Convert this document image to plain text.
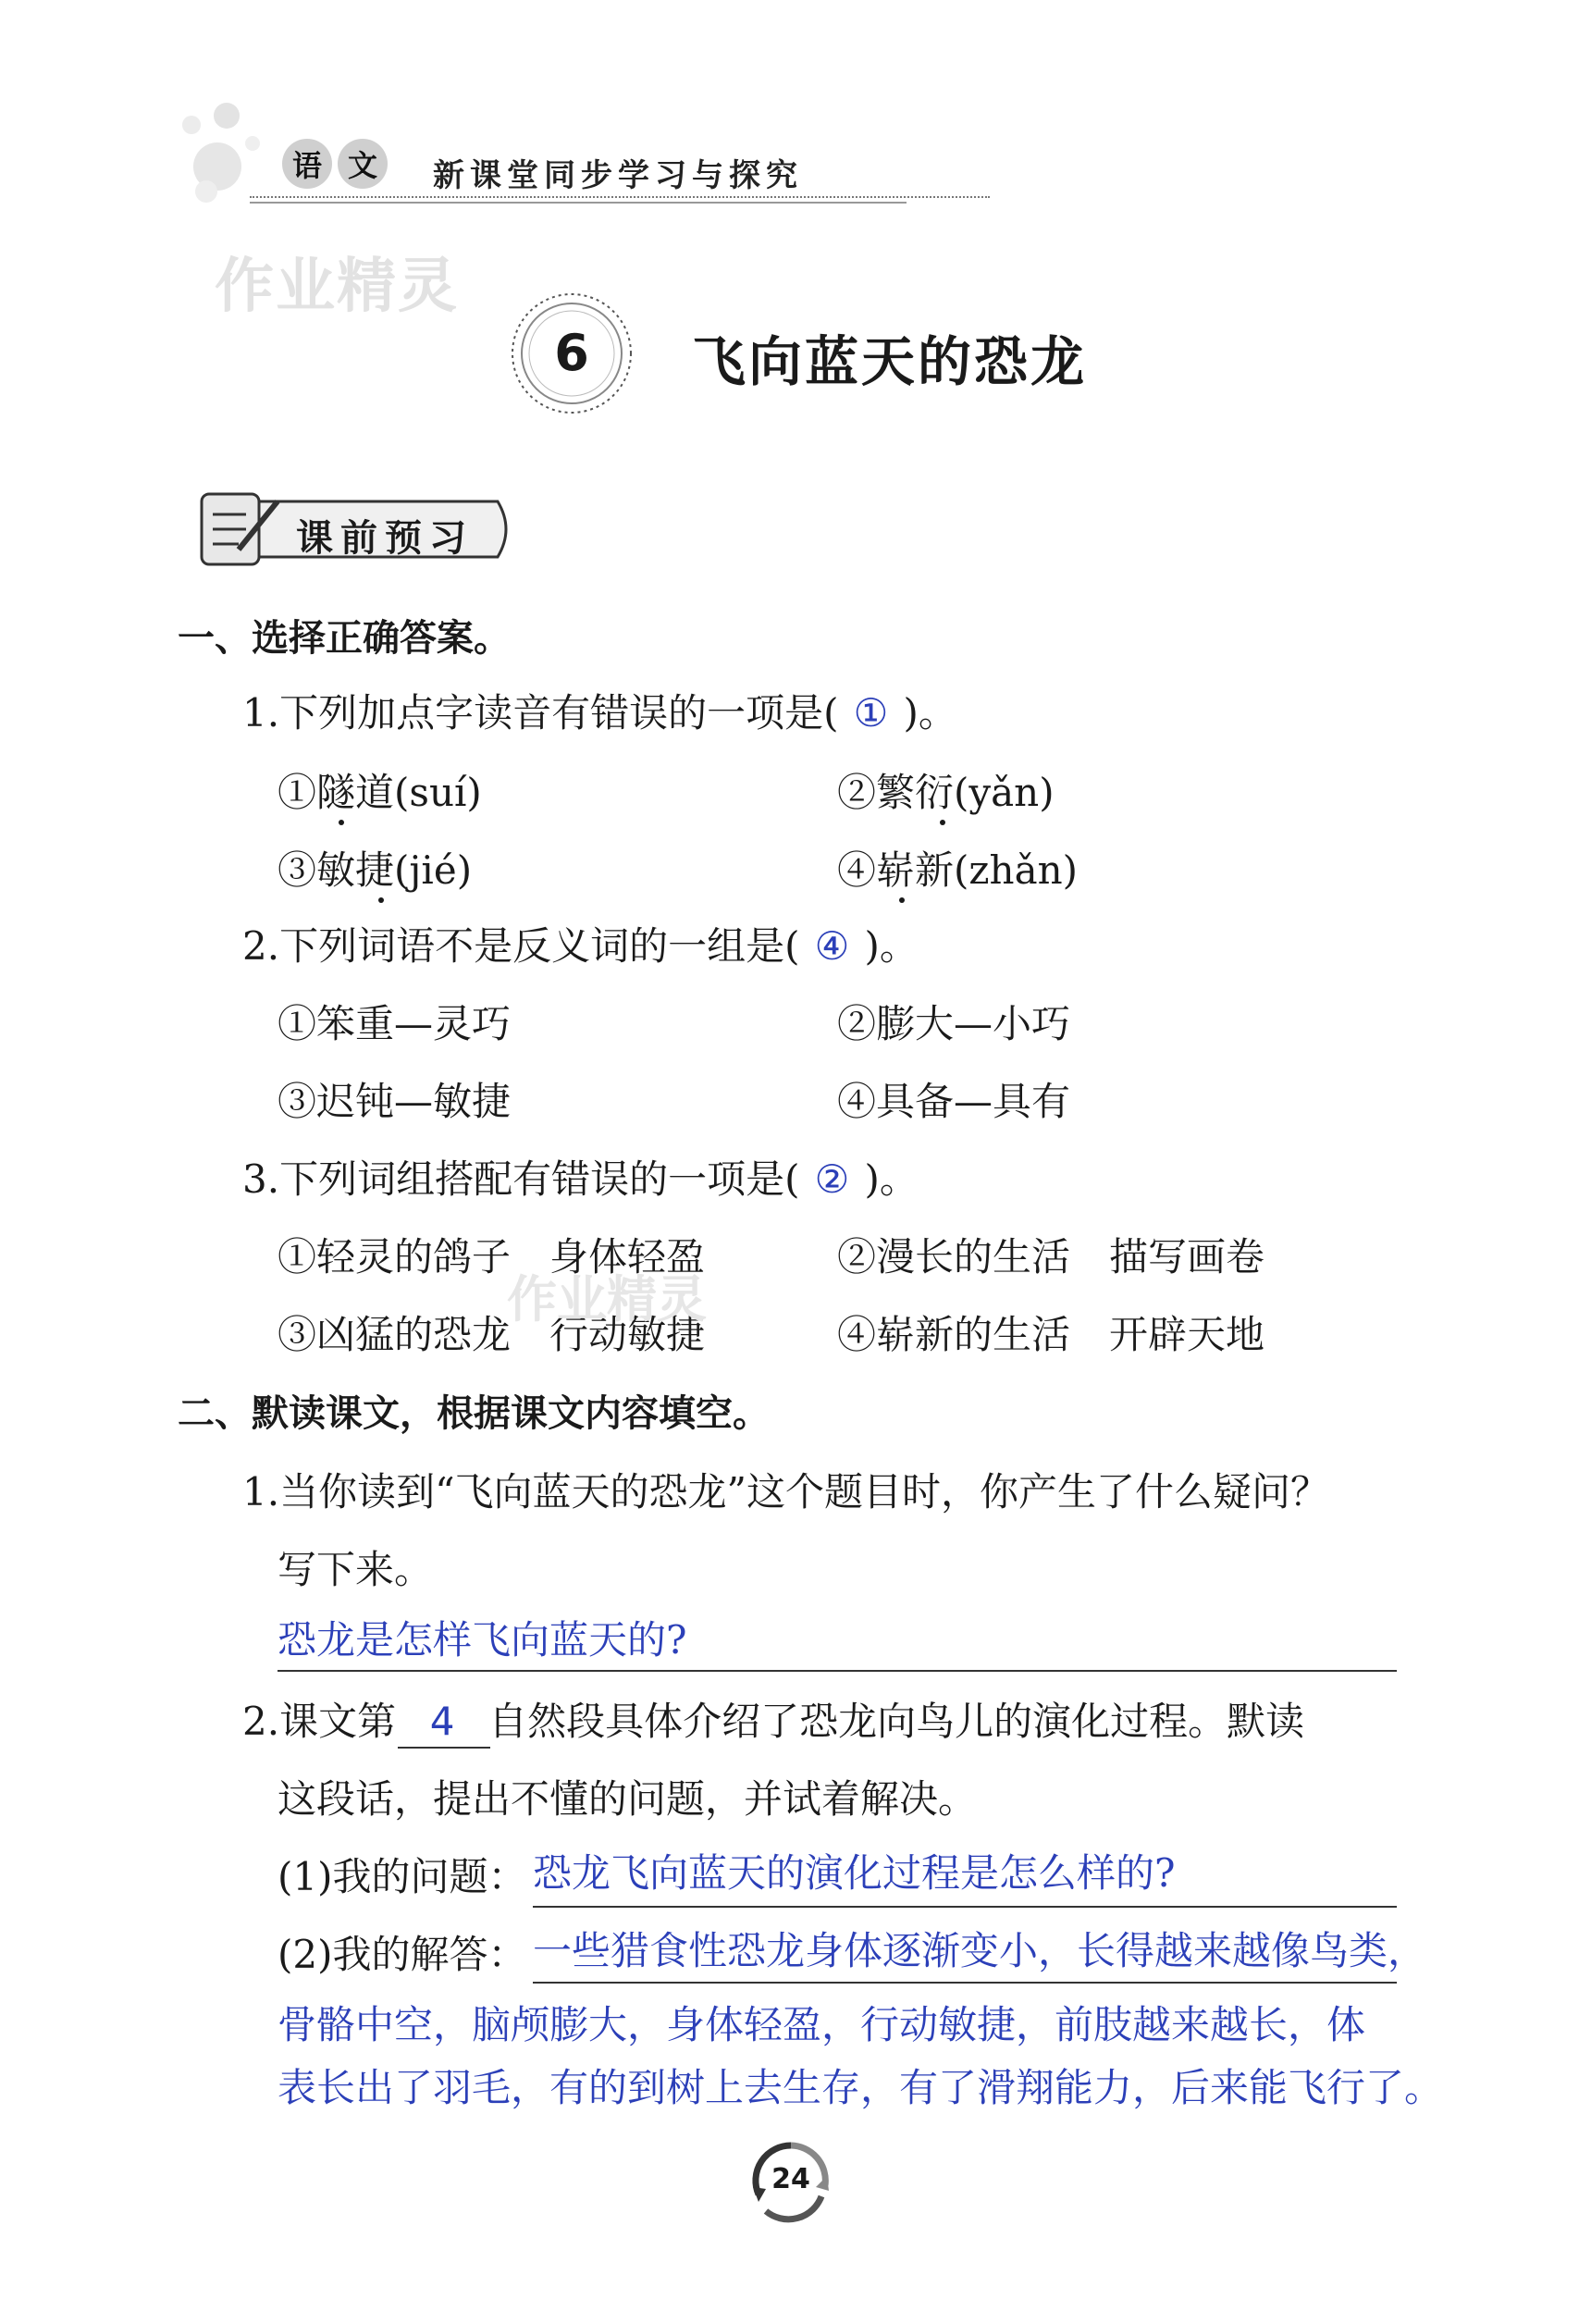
语 文 新课堂同步学习与探究
作业精灵
6	飞向蓝天的恐龙
课前预习
一、选择正确答案。
1.下列加点字读音有错误的一项是( ① )。
①隧道(suí)	②繁衍(yǎn)
③敏捷(jié)	④崭新(zhǎn)
2.下列词语不是反义词的一组是( ④ )。
①笨重—灵巧	②膨大—小巧
③迟钝—敏捷	④具备—具有
3.下列词组搭配有错误的一项是( ② )。
①轻灵的鸽子　身体轻盈	②漫长的生活　描写画卷
③凶猛的恐龙　行动敏捷	④崭新的生活　开辟天地
作业精灵
二、默读课文，根据课文内容填空。
1.当你读到“飞向蓝天的恐龙”这个题目时，你产生了什么疑问？
写下来。
恐龙是怎样飞向蓝天的?
2.课文第 4 自然段具体介绍了恐龙向鸟儿的演化过程。默读
这段话，提出不懂的问题，并试着解决。
(1)我的问题： 恐龙飞向蓝天的演化过程是怎么样的?
(2)我的解答： 一些猎食性恐龙身体逐渐变小，长得越来越像鸟类，
骨骼中空，脑颅膨大，身体轻盈，行动敏捷，前肢越来越长，体
表长出了羽毛，有的到树上去生存，有了滑翔能力，后来能飞行了。
24
